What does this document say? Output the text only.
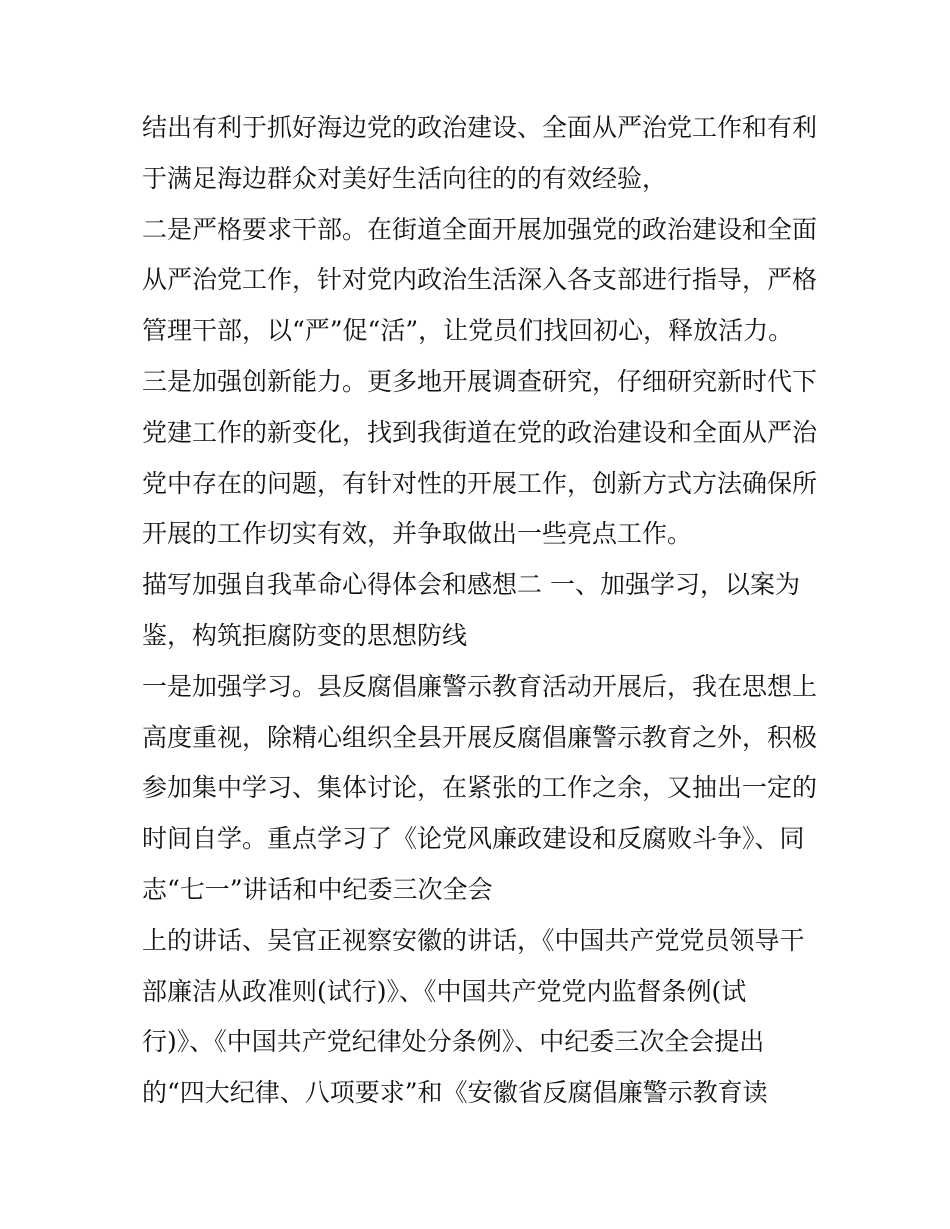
结出有利于抓好海边党的政治建设、全面从严治党工作和有利
于满足海边群众对美好生活向往的的有效经验，
二是严格要求干部。在街道全面开展加强党的政治建设和全面
从严治党工作，针对党内政治生活深入各支部进行指导，严格
管理干部，以“严”促“活”，让党员们找回初心，释放活力。
三是加强创新能力。更多地开展调查研究，仔细研究新时代下
党建工作的新变化，找到我街道在党的政治建设和全面从严治
党中存在的问题，有针对性的开展工作，创新方式方法确保所
开展的工作切实有效，并争取做出一些亮点工作。
描写加强自我革命心得体会和感想二 一、加强学习，以案为
鉴，构筑拒腐防变的思想防线
一是加强学习。县反腐倡廉警示教育活动开展后，我在思想上
高度重视，除精心组织全县开展反腐倡廉警示教育之外，积极
参加集中学习、集体讨论，在紧张的工作之余，又抽出一定的
时间自学。重点学习了《论党风廉政建设和反腐败斗争》、同
志“七一”讲话和中纪委三次全会
上的讲话、吴官正视察安徽的讲话，《中国共产党党员领导干
部廉洁从政准则(试行)》、《中国共产党党内监督条例(试
行)》、《中国共产党纪律处分条例》、中纪委三次全会提出
的“四大纪律、八项要求”和《安徽省反腐倡廉警示教育读
